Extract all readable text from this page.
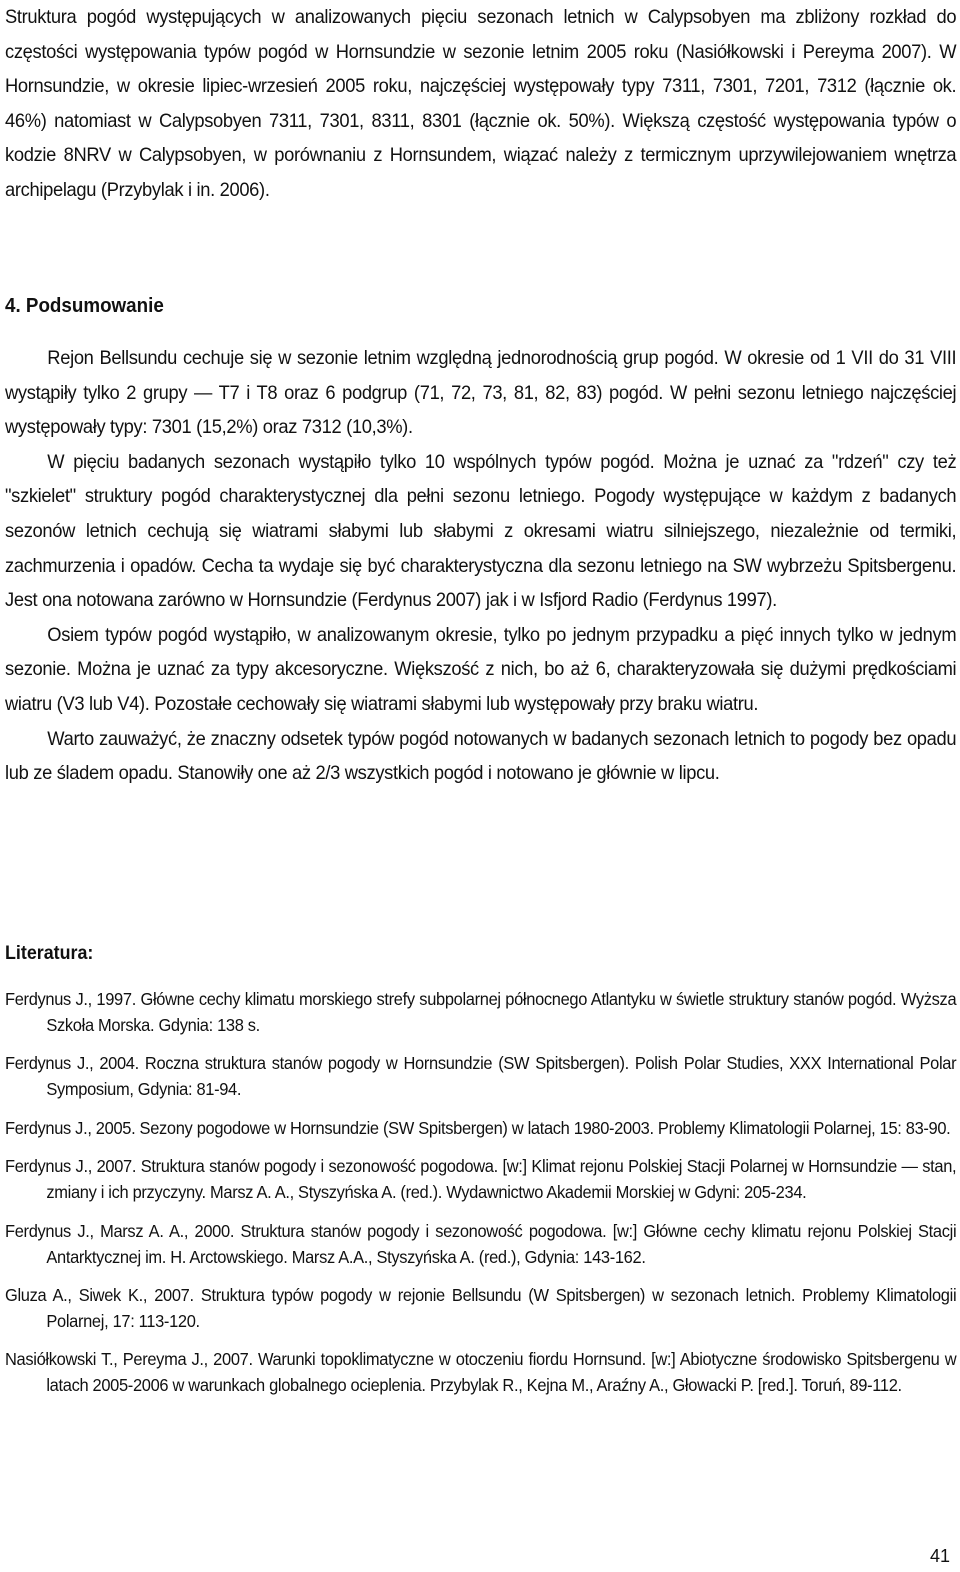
Struktura pogód występujących w analizowanych pięciu sezonach letnich w Calypsobyen ma zbliżony rozkład do częstości występowania typów pogód w Hornsundzie w sezonie letnim 2005 roku (Nasiółkowski i Pereyma 2007). W Hornsundzie, w okresie lipiec-wrzesień 2005 roku, najczęściej występowały typy 7311, 7301, 7201, 7312 (łącznie ok. 46%) natomiast w Calypsobyen 7311, 7301, 8311, 8301 (łącznie ok. 50%). Większą częstość występowania typów o kodzie 8NRV w Calypsobyen, w porównaniu z Hornsundem, wiązać należy z termicznym uprzywilejowaniem wnętrza archipelagu (Przybylak i in. 2006).

4. Podsumowanie

Rejon Bellsundu cechuje się w sezonie letnim względną jednorodnością grup pogód. W okresie od 1 VII do 31 VIII wystąpiły tylko 2 grupy — T7 i T8 oraz 6 podgrup (71, 72, 73, 81, 82, 83) pogód. W pełni sezonu letniego najczęściej występowały typy: 7301 (15,2%) oraz 7312 (10,3%).

W pięciu badanych sezonach wystąpiło tylko 10 wspólnych typów pogód. Można je uznać za "rdzeń" czy też "szkielet" struktury pogód charakterystycznej dla pełni sezonu letniego. Pogody występujące w każdym z badanych sezonów letnich cechują się wiatrami słabymi lub słabymi z okresami wiatru silniejszego, niezależnie od termiki, zachmurzenia i opadów. Cecha ta wydaje się być charakterystyczna dla sezonu letniego na SW wybrzeżu Spitsbergenu. Jest ona notowana zarówno w Hornsundzie (Ferdynus 2007) jak i w Isfjord Radio (Ferdynus 1997).

Osiem typów pogód wystąpiło, w analizowanym okresie, tylko po jednym przypadku a pięć innych tylko w jednym sezonie. Można je uznać za typy akcesoryczne. Większość z nich, bo aż 6, charakteryzowała się dużymi prędkościami wiatru (V3 lub V4). Pozostałe cechowały się wiatrami słabymi lub występowały przy braku wiatru.

Warto zauważyć, że znaczny odsetek typów pogód notowanych w badanych sezonach letnich to pogody bez opadu lub ze śladem opadu. Stanowiły one aż 2/3 wszystkich pogód i notowano je głównie w lipcu.

Literatura:
Ferdynus J., 1997. Główne cechy klimatu morskiego strefy subpolarnej północnego Atlantyku w świetle struktury stanów pogód. Wyższa Szkoła Morska. Gdynia: 138 s.
Ferdynus J., 2004. Roczna struktura stanów pogody w Hornsundzie (SW Spitsbergen). Polish Polar Studies, XXX International Polar Symposium, Gdynia: 81-94.
Ferdynus J., 2005. Sezony pogodowe w Hornsundzie (SW Spitsbergen) w latach 1980-2003. Problemy Klimatologii Polarnej, 15: 83-90.
Ferdynus J., 2007. Struktura stanów pogody i sezonowość pogodowa. [w:] Klimat rejonu Polskiej Stacji Polarnej w Hornsundzie — stan, zmiany i ich przyczyny. Marsz A. A., Styszyńska A. (red.). Wydawnictwo Akademii Morskiej w Gdyni: 205-234.
Ferdynus J., Marsz A. A., 2000. Struktura stanów pogody i sezonowość pogodowa. [w:] Główne cechy klimatu rejonu Polskiej Stacji Antarktycznej im. H. Arctowskiego. Marsz A.A., Styszyńska A. (red.), Gdynia: 143-162.
Gluza A., Siwek K., 2007. Struktura typów pogody w rejonie Bellsundu (W Spitsbergen) w sezonach letnich. Problemy Klimatologii Polarnej, 17: 113-120.
Nasiółkowski T., Pereyma J., 2007. Warunki topoklimatyczne w otoczeniu fiordu Hornsund. [w:] Abiotyczne środowisko Spitsbergenu w latach 2005-2006 w warunkach globalnego ocieplenia. Przybylak R., Kejna M., Araźny A., Głowacki P. [red.]. Toruń, 89-112.
41
